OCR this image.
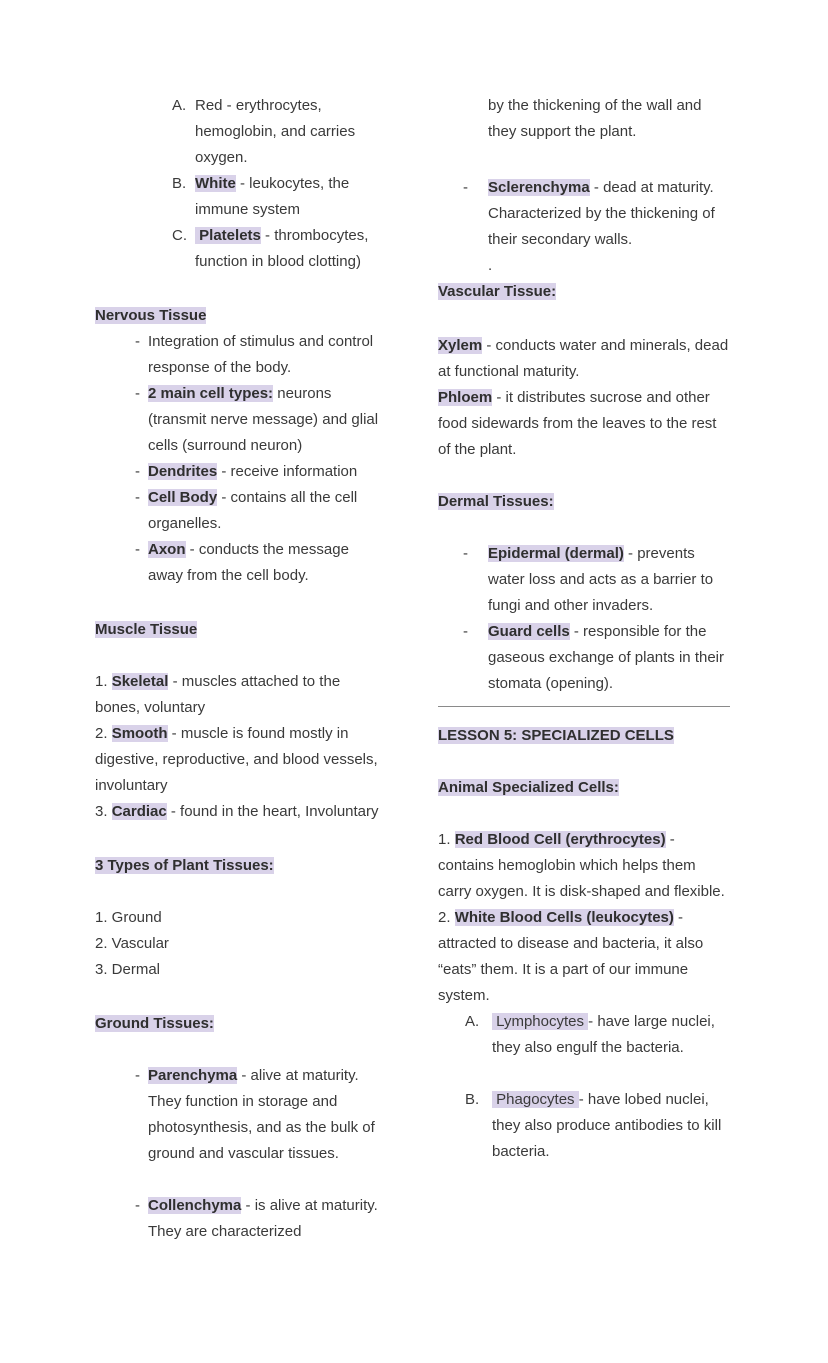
A. Red - erythrocytes, hemoglobin, and carries oxygen.
B. White - leukocytes, the immune system
C. Platelets - thrombocytes, function in blood clotting)
Nervous Tissue
- Integration of stimulus and control response of the body.
- 2 main cell types: neurons (transmit nerve message) and glial cells (surround neuron)
- Dendrites - receive information
- Cell Body - contains all the cell organelles.
- Axon - conducts the message away from the cell body.
Muscle Tissue
1. Skeletal - muscles attached to the bones, voluntary
2. Smooth - muscle is found mostly in digestive, reproductive, and blood vessels, involuntary
3. Cardiac - found in the heart, Involuntary
3 Types of Plant Tissues:
1. Ground
2. Vascular
3. Dermal
Ground Tissues:
- Parenchyma - alive at maturity. They function in storage and photosynthesis, and as the bulk of ground and vascular tissues.
- Collenchyma - is alive at maturity. They are characterized
by the thickening of the wall and they support the plant.
-	Sclerenchyma - dead at maturity. Characterized by the thickening of their secondary walls.
.
Vascular Tissue:
Xylem - conducts water and minerals, dead at functional maturity.
Phloem - it distributes sucrose and other food sidewards from the leaves to the rest of the plant.
Dermal Tissues:
-	Epidermal (dermal) - prevents water loss and acts as a barrier to fungi and other invaders.
-	Guard cells - responsible for the gaseous exchange of plants in their stomata (opening).
LESSON 5: SPECIALIZED CELLS
Animal Specialized Cells:
1. Red Blood Cell (erythrocytes) - contains hemoglobin which helps them carry oxygen. It is disk-shaped and flexible.
2. White Blood Cells (leukocytes) - attracted to disease and bacteria, it also “eats” them. It is a part of our immune system.
A. Lymphocytes - have large nuclei, they also engulf the bacteria.
B. Phagocytes - have lobed nuclei, they also produce antibodies to kill bacteria.
